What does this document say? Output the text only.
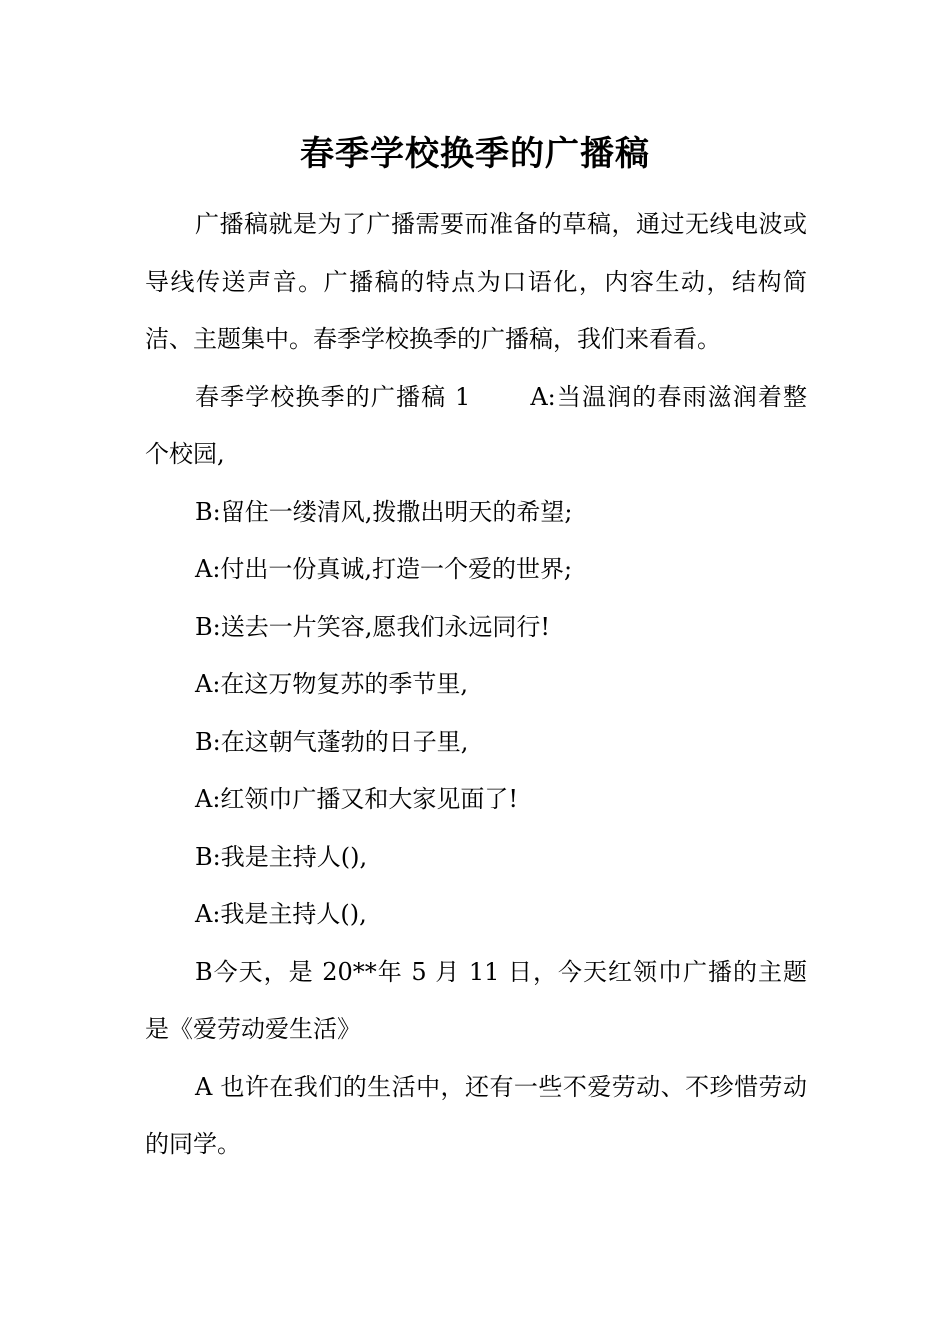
春季学校换季的广播稿

广播稿就是为了广播需要而准备的草稿，通过无线电波或导线传送声音。广播稿的特点为口语化，内容生动，结构简洁、主题集中。春季学校换季的广播稿，我们来看看。

春季学校换季的广播稿 1	A:当温润的春雨滋润着整个校园,

B:留住一缕清风,拨撒出明天的希望;

A:付出一份真诚,打造一个爱的世界;

B:送去一片笑容,愿我们永远同行!

A:在这万物复苏的季节里,

B:在这朝气蓬勃的日子里,

A:红领巾广播又和大家见面了!

B:我是主持人(),

A:我是主持人(),

B今天，是 20**年 5 月 11 日，今天红领巾广播的主题是《爱劳动爱生活》

A 也许在我们的生活中，还有一些不爱劳动、不珍惜劳动的同学。
